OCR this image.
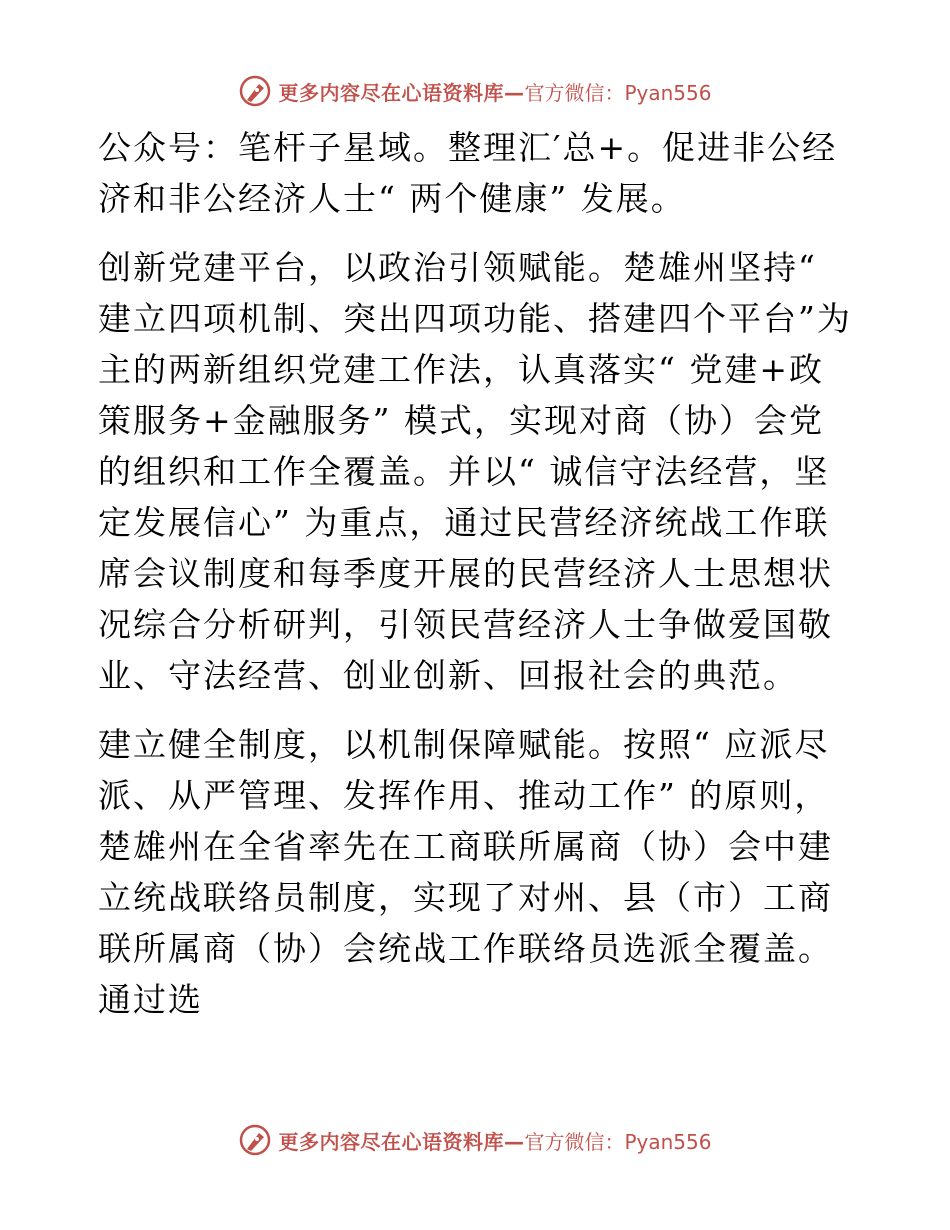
更多内容尽在心语资料库— 官方微信：Pyan556

公众号：笔杆子星域。整理汇′总+。促进非公经济和非公经济人士“ 两个健康” 发展。

创新党建平台，以政治引领赋能。楚雄州坚持“ 建立四项机制、突出四项功能、搭建四个平台”为主的两新组织党建工作法，认真落实“ 党建+政策服务+金融服务” 模式，实现对商（协）会党的组织和工作全覆盖。并以“ 诚信守法经营，坚定发展信心” 为重点，通过民营经济统战工作联席会议制度和每季度开展的民营经济人士思想状况综合分析研判，引领民营经济人士争做爱国敬业、守法经营、创业创新、回报社会的典范。

建立健全制度，以机制保障赋能。按照“ 应派尽派、从严管理、发挥作用、推动工作” 的原则，楚雄州在全省率先在工商联所属商（协）会中建立统战联络员制度，实现了对州、县（市）工商联所属商（协）会统战工作联络员选派全覆盖。通过选

更多内容尽在心语资料库— 官方微信：Pyan556
